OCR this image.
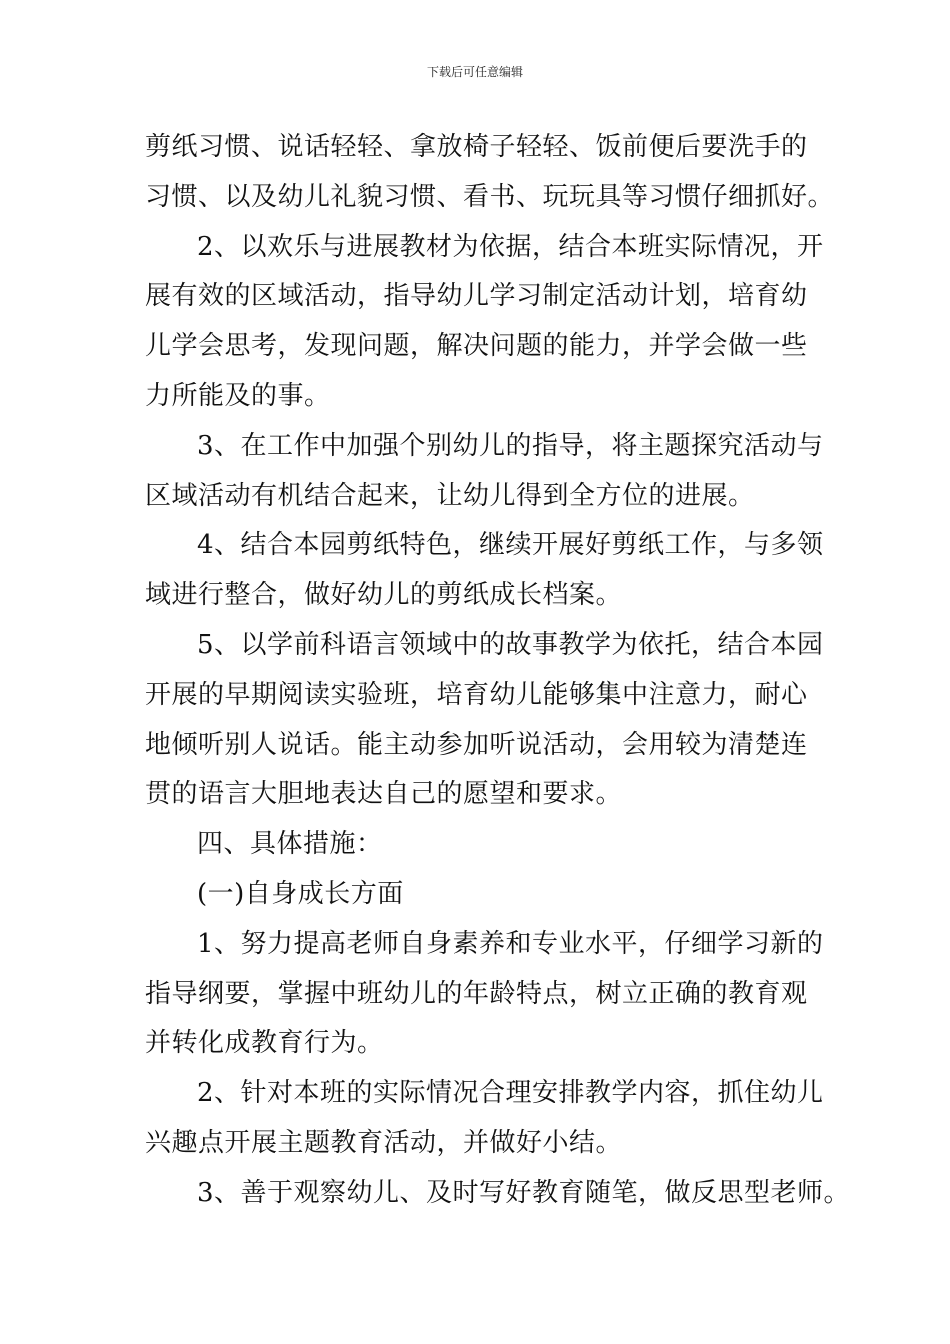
下载后可任意编辑
剪纸习惯、说话轻轻、拿放椅子轻轻、饭前便后要洗手的
习惯、以及幼儿礼貌习惯、看书、玩玩具等习惯仔细抓好。
2、以欢乐与进展教材为依据，结合本班实际情况，开
展有效的区域活动，指导幼儿学习制定活动计划，培育幼
儿学会思考，发现问题，解决问题的能力，并学会做一些
力所能及的事。
3、在工作中加强个别幼儿的指导，将主题探究活动与
区域活动有机结合起来，让幼儿得到全方位的进展。
4、结合本园剪纸特色，继续开展好剪纸工作，与多领
域进行整合，做好幼儿的剪纸成长档案。
5、以学前科语言领域中的故事教学为依托，结合本园
开展的早期阅读实验班，培育幼儿能够集中注意力，耐心
地倾听别人说话。能主动参加听说活动，会用较为清楚连
贯的语言大胆地表达自己的愿望和要求。
四、具体措施：
(一)自身成长方面
1、努力提高老师自身素养和专业水平，仔细学习新的
指导纲要，掌握中班幼儿的年龄特点，树立正确的教育观
并转化成教育行为。
2、针对本班的实际情况合理安排教学内容，抓住幼儿
兴趣点开展主题教育活动，并做好小结。
3、善于观察幼儿、及时写好教育随笔，做反思型老师。
